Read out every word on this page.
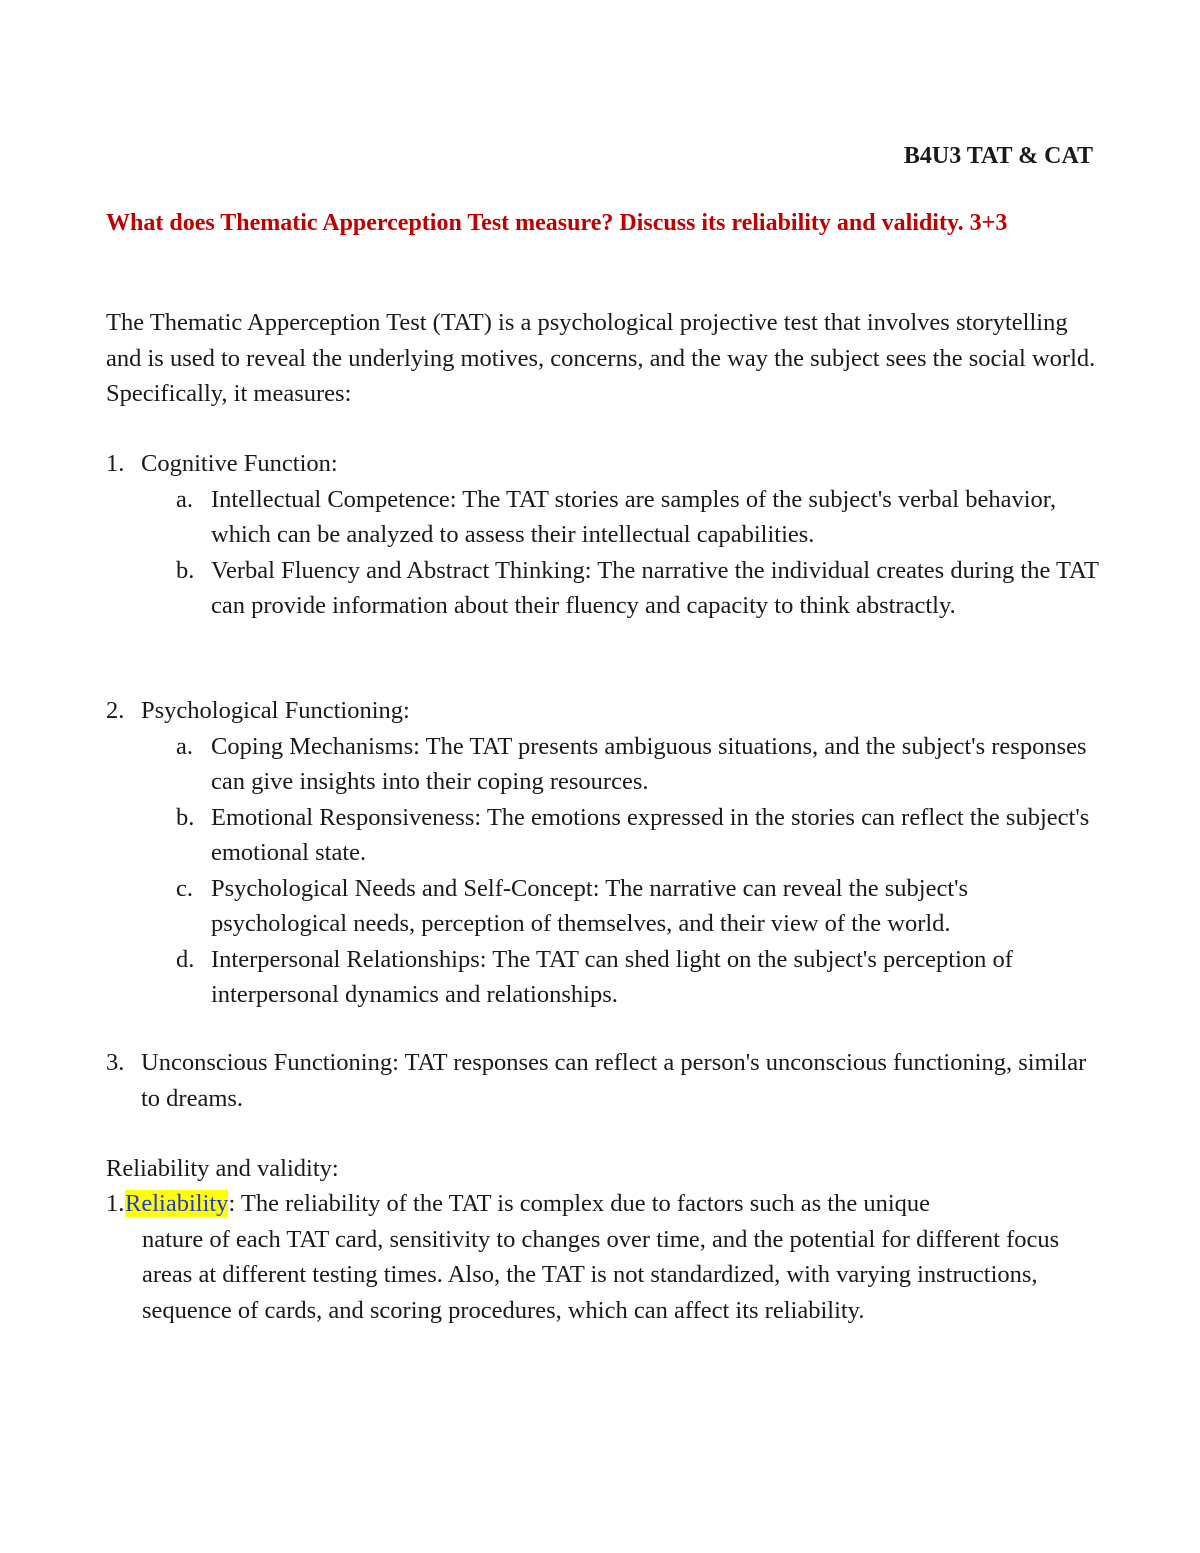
B4U3 TAT & CAT
What does Thematic Apperception Test measure? Discuss its reliability and validity. 3+3
The Thematic Apperception Test (TAT) is a psychological projective test that involves storytelling and is used to reveal the underlying motives, concerns, and the way the subject sees the social world. Specifically, it measures:
1. Cognitive Function:
a. Intellectual Competence: The TAT stories are samples of the subject's verbal behavior, which can be analyzed to assess their intellectual capabilities.
b. Verbal Fluency and Abstract Thinking: The narrative the individual creates during the TAT can provide information about their fluency and capacity to think abstractly.
2. Psychological Functioning:
a. Coping Mechanisms: The TAT presents ambiguous situations, and the subject's responses can give insights into their coping resources.
b. Emotional Responsiveness: The emotions expressed in the stories can reflect the subject's emotional state.
c. Psychological Needs and Self-Concept: The narrative can reveal the subject's psychological needs, perception of themselves, and their view of the world.
d. Interpersonal Relationships: The TAT can shed light on the subject's perception of interpersonal dynamics and relationships.
3. Unconscious Functioning: TAT responses can reflect a person's unconscious functioning, similar to dreams.
Reliability and validity:
1. Reliability: The reliability of the TAT is complex due to factors such as the unique
nature of each TAT card, sensitivity to changes over time, and the potential for different focus areas at different testing times. Also, the TAT is not standardized, with varying instructions, sequence of cards, and scoring procedures, which can affect its reliability.
